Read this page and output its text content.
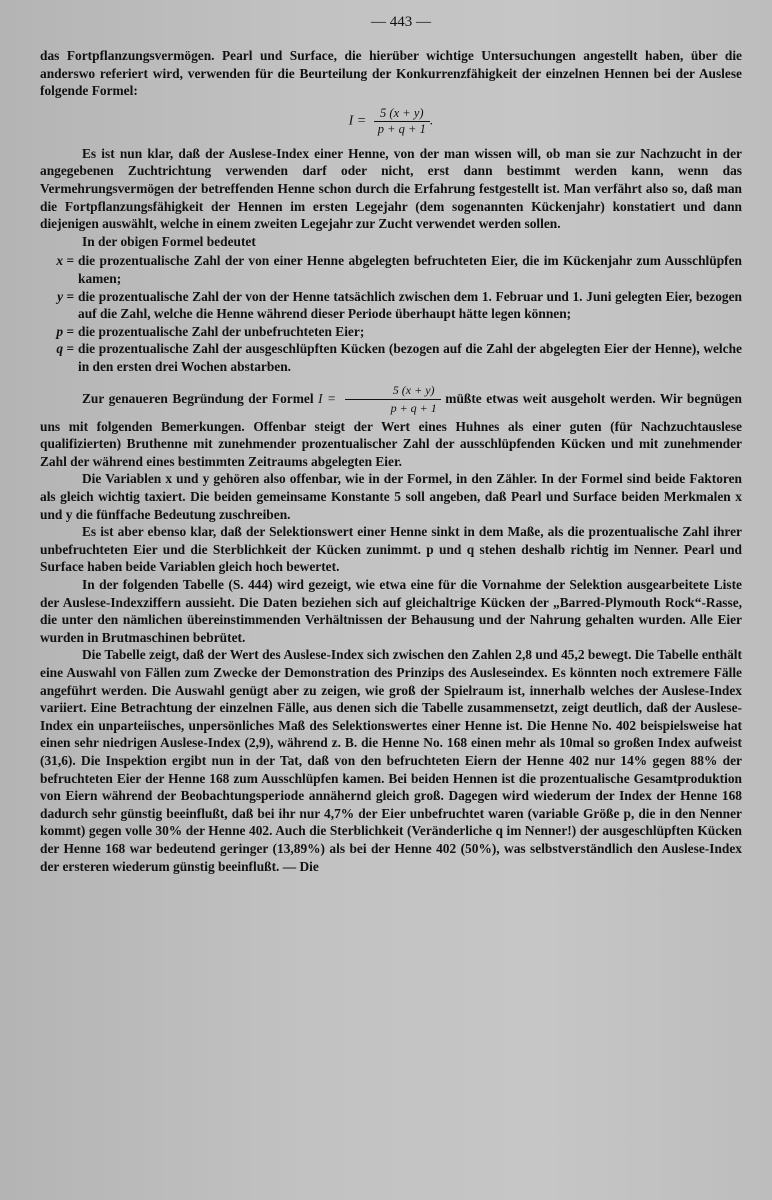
— 443 —

das Fortpflanzungsvermögen. Pearl und Surface, die hierüber wichtige Untersuchungen angestellt haben, über die anderswo referiert wird, verwenden für die Beurteilung der Konkurrenzfähigkeit der einzelnen Hennen bei der Auslese folgende Formel:

$I = \frac{5 (x + y)}{p + q + 1}$ .

Es ist nun klar, daß der Auslese-Index einer Henne, von der man wissen will, ob man sie zur Nachzucht in der angegebenen Zuchtrichtung verwenden darf oder nicht, erst dann bestimmt werden kann, wenn das Vermehrungsvermögen der betreffenden Henne schon durch die Erfahrung festgestellt ist. Man verfährt also so, daß man die Fortpflanzungsfähigkeit der Hennen im ersten Legejahr (dem sogenannten Kückenjahr) konstatiert und dann diejenigen auswählt, welche in einem zweiten Legejahr zur Zucht verwendet werden sollen.

In der obigen Formel bedeutet

x = die prozentualische Zahl der von einer Henne abgelegten befruchteten Eier, die im Kückenjahr zum Ausschlüpfen kamen;
y = die prozentualische Zahl der von der Henne tatsächlich zwischen dem 1. Februar und 1. Juni gelegten Eier, bezogen auf die Zahl, welche die Henne während dieser Periode überhaupt hätte legen können;
p = die prozentualische Zahl der unbefruchteten Eier;
q = die prozentualische Zahl der ausgeschlüpften Kücken (bezogen auf die Zahl der abgelegten Eier der Henne), welche in den ersten drei Wochen abstarben.

Zur genaueren Begründung der Formel $I = \frac{5 (x + y)}{p + q + 1}$ müßte etwas weit ausgeholt werden. Wir begnügen uns mit folgenden Bemerkungen. Offenbar steigt der Wert eines Huhnes als einer guten (für Nachzuchtauslese qualifizierten) Bruthenne mit zunehmender prozentualischer Zahl der ausschlüpfenden Kücken und mit zunehmender Zahl der während eines bestimmten Zeitraums abgelegten Eier.

Die Variablen x und y gehören also offenbar, wie in der Formel, in den Zähler. In der Formel sind beide Faktoren als gleich wichtig taxiert. Die beiden gemeinsame Konstante 5 soll angeben, daß Pearl und Surface beiden Merkmalen x und y die fünffache Bedeutung zuschreiben.

Es ist aber ebenso klar, daß der Selektionswert einer Henne sinkt in dem Maße, als die prozentualische Zahl ihrer unbefruchteten Eier und die Sterblichkeit der Kücken zunimmt. p und q stehen deshalb richtig im Nenner. Pearl und Surface haben beide Variablen gleich hoch bewertet.

In der folgenden Tabelle (S. 444) wird gezeigt, wie etwa eine für die Vornahme der Selektion ausgearbeitete Liste der Auslese-Indexziffern aussieht. Die Daten beziehen sich auf gleichaltrige Kücken der „Barred-Plymouth Rock“-Rasse, die unter den nämlichen übereinstimmenden Verhältnissen der Behausung und der Nahrung gehalten wurden. Alle Eier wurden in Brutmaschinen bebrütet.

Die Tabelle zeigt, daß der Wert des Auslese-Index sich zwischen den Zahlen 2,8 und 45,2 bewegt. Die Tabelle enthält eine Auswahl von Fällen zum Zwecke der Demonstration des Prinzips des Ausleseindex. Es könnten noch extremere Fälle angeführt werden. Die Auswahl genügt aber zu zeigen, wie groß der Spielraum ist, innerhalb welches der Auslese-Index variiert. Eine Betrachtung der einzelnen Fälle, aus denen sich die Tabelle zusammensetzt, zeigt deutlich, daß der Auslese-Index ein unparteiisches, unpersönliches Maß des Selektionswertes einer Henne ist. Die Henne No. 402 beispielsweise hat einen sehr niedrigen Auslese-Index (2,9), während z. B. die Henne No. 168 einen mehr als 10mal so großen Index aufweist (31,6). Die Inspektion ergibt nun in der Tat, daß von den befruchteten Eiern der Henne 402 nur 14% gegen 88% der befruchteten Eier der Henne 168 zum Ausschlüpfen kamen. Bei beiden Hennen ist die prozentualische Gesamtproduktion von Eiern während der Beobachtungsperiode annähernd gleich groß. Dagegen wird wiederum der Index der Henne 168 dadurch sehr günstig beeinflußt, daß bei ihr nur 4,7% der Eier unbefruchtet waren (variable Größe p, die in den Nenner kommt) gegen volle 30% der Henne 402. Auch die Sterblichkeit (Veränderliche q im Nenner!) der ausgeschlüpften Kücken der Henne 168 war bedeutend geringer (13,89%) als bei der Henne 402 (50%), was selbstverständlich den Auslese-Index der ersteren wiederum günstig beeinflußt. — Die
